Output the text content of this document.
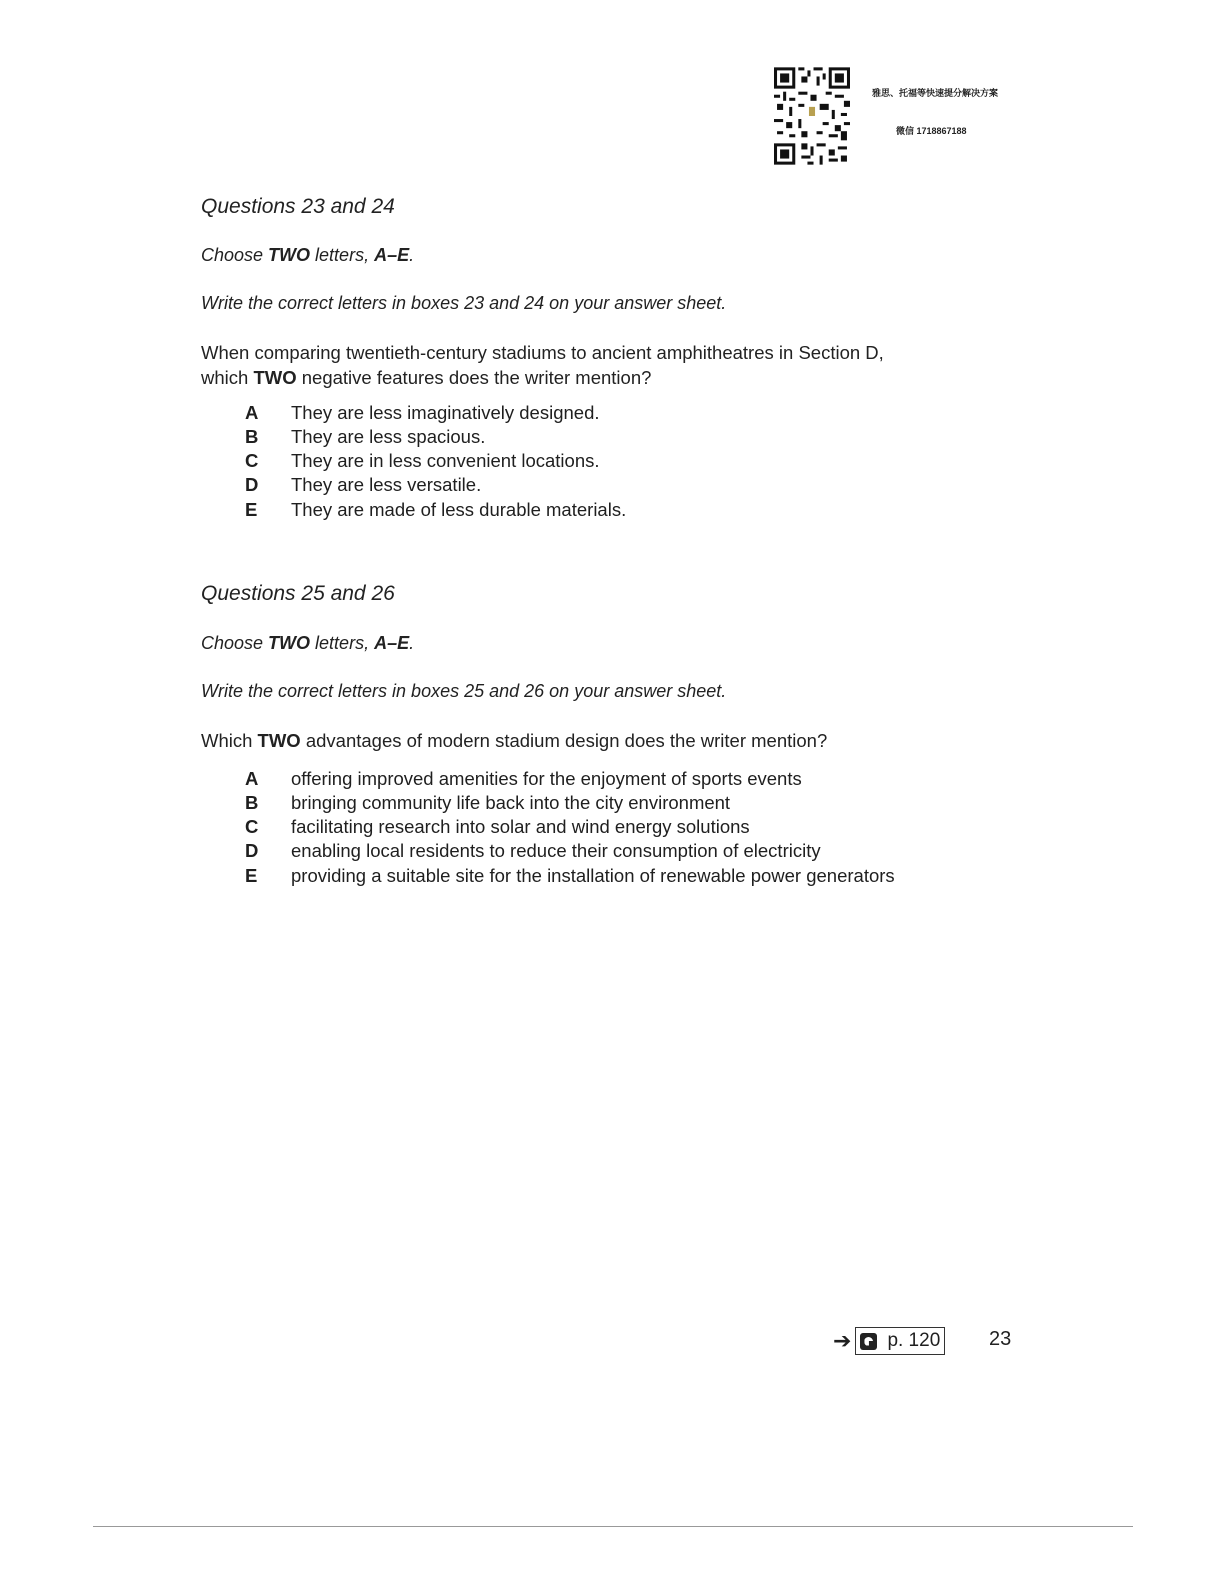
雅思、托福等快速提分解决方案
微信 1718867188
Questions 23 and 24
Choose TWO letters, A–E.
Write the correct letters in boxes 23 and 24 on your answer sheet.
When comparing twentieth-century stadiums to ancient amphitheatres in Section D,
which TWO negative features does the writer mention?
A They are less imaginatively designed.
B They are less spacious.
C They are in less convenient locations.
D They are less versatile.
E They are made of less durable materials.
Questions 25 and 26
Choose TWO letters, A–E.
Write the correct letters in boxes 25 and 26 on your answer sheet.
Which TWO advantages of modern stadium design does the writer mention?
A offering improved amenities for the enjoyment of sports events
B bringing community life back into the city environment
C facilitating research into solar and wind energy solutions
D enabling local residents to reduce their consumption of electricity
E providing a suitable site for the installation of renewable power generators
➔ p. 120 23
